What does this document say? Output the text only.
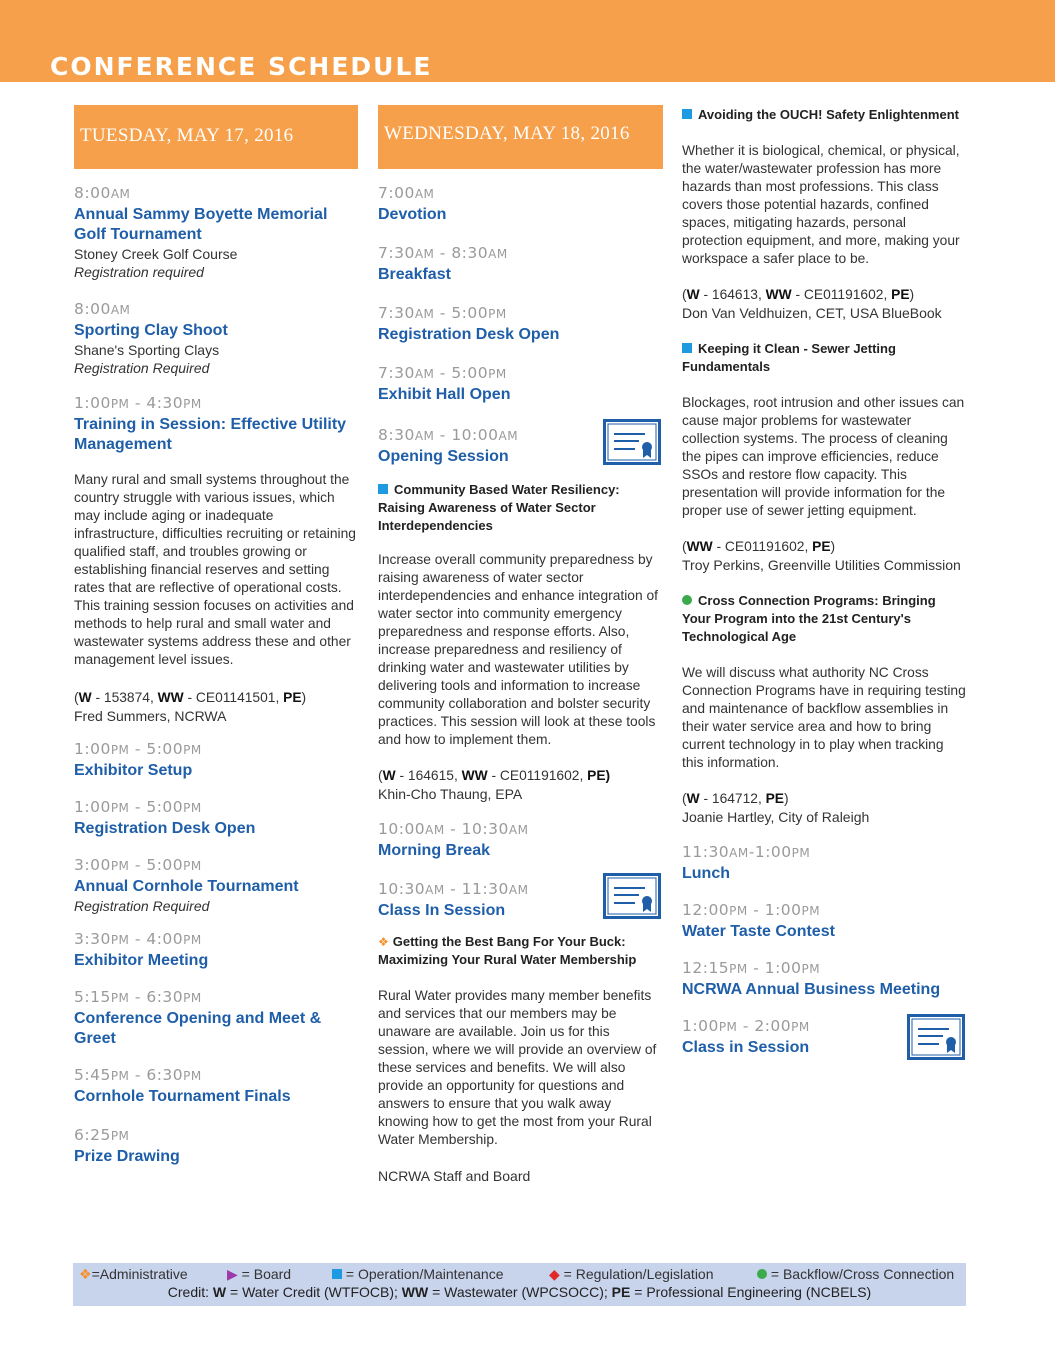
CONFERENCE SCHEDULE
TUESDAY, MAY 17, 2016
8:00AM
Annual Sammy Boyette Memorial Golf Tournament
Stoney Creek Golf Course
Registration required
8:00AM
Sporting Clay Shoot
Shane's Sporting Clays
Registration Required
1:00PM - 4:30PM
Training in Session: Effective Utility Management
Many rural and small systems throughout the country struggle with various issues, which may include aging or inadequate infrastructure, difficulties recruiting or retaining qualified staff, and troubles growing or establishing financial reserves and setting rates that are reflective of operational costs. This training session focuses on activities and methods to help rural and small water and wastewater systems address these and other management level issues.
(W - 153874, WW - CE01141501, PE)
Fred Summers, NCRWA
1:00PM - 5:00PM
Exhibitor Setup
1:00PM - 5:00PM
Registration Desk Open
3:00PM - 5:00PM
Annual Cornhole Tournament
Registration Required
3:30PM - 4:00PM
Exhibitor Meeting
5:15PM - 6:30PM
Conference Opening and Meet & Greet
5:45PM - 6:30PM
Cornhole Tournament Finals
6:25PM
Prize Drawing
WEDNESDAY, MAY 18, 2016
7:00AM
Devotion
7:30AM - 8:30AM
Breakfast
7:30AM - 5:00PM
Registration Desk Open
7:30AM - 5:00PM
Exhibit Hall Open
8:30AM - 10:00AM
Opening Session
Community Based Water Resiliency: Raising Awareness of Water Sector Interdependencies
Increase overall community preparedness by raising awareness of water sector interdependencies and enhance integration of water sector into community emergency preparedness and response efforts. Also, increase preparedness and resiliency of drinking water and wastewater utilities by delivering tools and information to increase community collaboration and bolster security practices. This session will look at these tools and how to implement them.
(W - 164615, WW - CE01191602, PE)
Khin-Cho Thaung, EPA
10:00AM - 10:30AM
Morning Break
10:30AM - 11:30AM
Class In Session
❖ Getting the Best Bang For Your Buck: Maximizing Your Rural Water Membership
Rural Water provides many member benefits and services that our members may be unaware are available. Join us for this session, where we will provide an overview of these services and benefits. We will also provide an opportunity for questions and answers to ensure that you walk away knowing how to get the most from your Rural Water Membership.
NCRWA Staff and Board
Avoiding the OUCH! Safety Enlightenment
Whether it is biological, chemical, or physical, the water/wastewater profession has more hazards than most professions. This class covers those potential hazards, confined spaces, mitigating hazards, personal protection equipment, and more, making your workspace a safer place to be.
(W - 164613, WW - CE01191602, PE)
Don Van Veldhuizen, CET, USA BlueBook
Keeping it Clean - Sewer Jetting Fundamentals
Blockages, root intrusion and other issues can cause major problems for wastewater collection systems. The process of cleaning the pipes can improve efficiencies, reduce SSOs and restore flow capacity. This presentation will provide information for the proper use of sewer jetting equipment.
(WW - CE01191602, PE)
Troy Perkins, Greenville Utilities Commission
Cross Connection Programs: Bringing Your Program into the 21st Century's Technological Age
We will discuss what authority NC Cross Connection Programs have in requiring testing and maintenance of backflow assemblies in their water service area and how to bring current technology in to play when tracking this information.
(W - 164712, PE)
Joanie Hartley, City of Raleigh
11:30AM-1:00PM
Lunch
12:00PM - 1:00PM
Water Taste Contest
12:15PM - 1:00PM
NCRWA Annual Business Meeting
1:00PM - 2:00PM
Class in Session
❖=Administrative	▶ = Board	= Operation/Maintenance	◆ = Regulation/Legislation	= Backflow/Cross Connection
Credit: W = Water Credit (WTFOCB); WW = Wastewater (WPCSOCC); PE = Professional Engineering (NCBELS)
